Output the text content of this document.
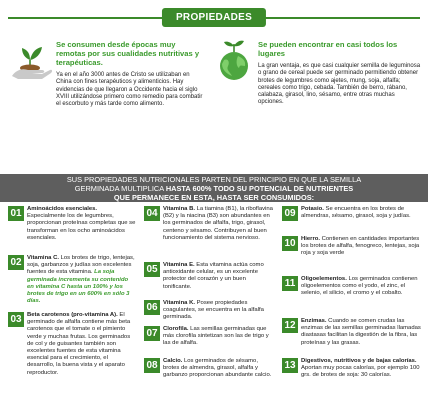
PROPIEDADES
Se consumen desde épocas muy remotas por sus cualidades nutritivas y terapéuticas.
Ya en el año 3000 antes de Cristo se utilizaban en China con fines terapéuticos y alimenticios. Hay evidencias de que llegaron a Occidente hacia el siglo XVIII utilizándose primero como remedio para combatir el escorbuto y más tarde como alimento.
Se pueden encontrar en casi todos los lugares
La gran ventaja, es que casi cualquier semilla de leguminosa o grano de cereal puede ser germinado permitiendo obtener brotes de legumbres como ajetes, mung, soja, alfalfa; cereales como trigo, cebada. También de berro, rábano, calabaza, girasol, lino, sésamo, entre otras muchas opciones.
SUS PROPIEDADES NUTRICIONALES PARTEN DEL PRINCIPIO EN QUE LA SEMILLA
GERMINADA MULTIPLICA HASTA 600% TODO SU POTENCIAL DE NUTRIENTES
QUE PERMANECE EN ESTA, HASTA SER CONSUMIDOS:
01 Aminoácidos esenciales. Especialmente los de legumbres, proporcionan proteínas completas que se transforman en los ocho aminoácidos esenciales.
02 Vitamina C. Los brotes de trigo, lentejas, soja, garbanzos y judías son excelentes fuentes de esta vitamina. La soja germinada incrementa su contenido en vitamina C hasta un 100% y los brotes de trigo en un 600% en sólo 3 días.
03 Beta carotenos (pro-vitamina A). El germinado de alfalfa contiene más beta carotenos que el tomate o el pimiento verde y muchas frutas. Los germinados de col y de guisantes también son excelentes fuentes de esta vitamina esencial para el crecimiento, el desarrollo, la buena vista y el aparato reproductor.
04 Vitamina B. La tiamina (B1), la riboflavina (B2) y la niacina (B3) son abundantes en los germinados de alfalfa, trigo, girasol, centeno y sésamo. Contribuyen al buen funcionamiento del sistema nervioso.
05 Vitamina E. Esta vitamina actúa como antioxidante celular, es un excelente protector del corazón y un buen tonificante.
06 Vitamina K. Posee propiedades coagulantes, se encuentra en la alfalfa germinada.
07 Clorofila. Las semillas germinadas que más clorofila sintetizan son las de trigo y las de alfalfa.
08 Calcio. Los germinados de sésamo, brotes de almendra, girasol, alfalfa y garbanzo proporcionan abundante calcio.
09 Potasio. Se encuentra en los brotes de almendras, sésamo, girasol, soja y judías.
10 Hierro. Contienen en cantidades importantes los brotes de alfalfa, fenogreco, lentejas, soja roja y soja verde
11 Oligoelementos. Los germinados contienen oligoelementos como el yodo, el zinc, el selenio, el silicio, el cromo y el cobalto.
12 Enzimas. Cuando se comen crudas las enzimas de las semillas germinadas llamadas diastasas facilitan la digestión de la fibra, las proteínas y las grasas.
13 Digestivos, nutritivos y de bajas calorías. Aportan muy pocas calorías, por ejemplo 100 grs. de brotes de soja: 30 calorías.
